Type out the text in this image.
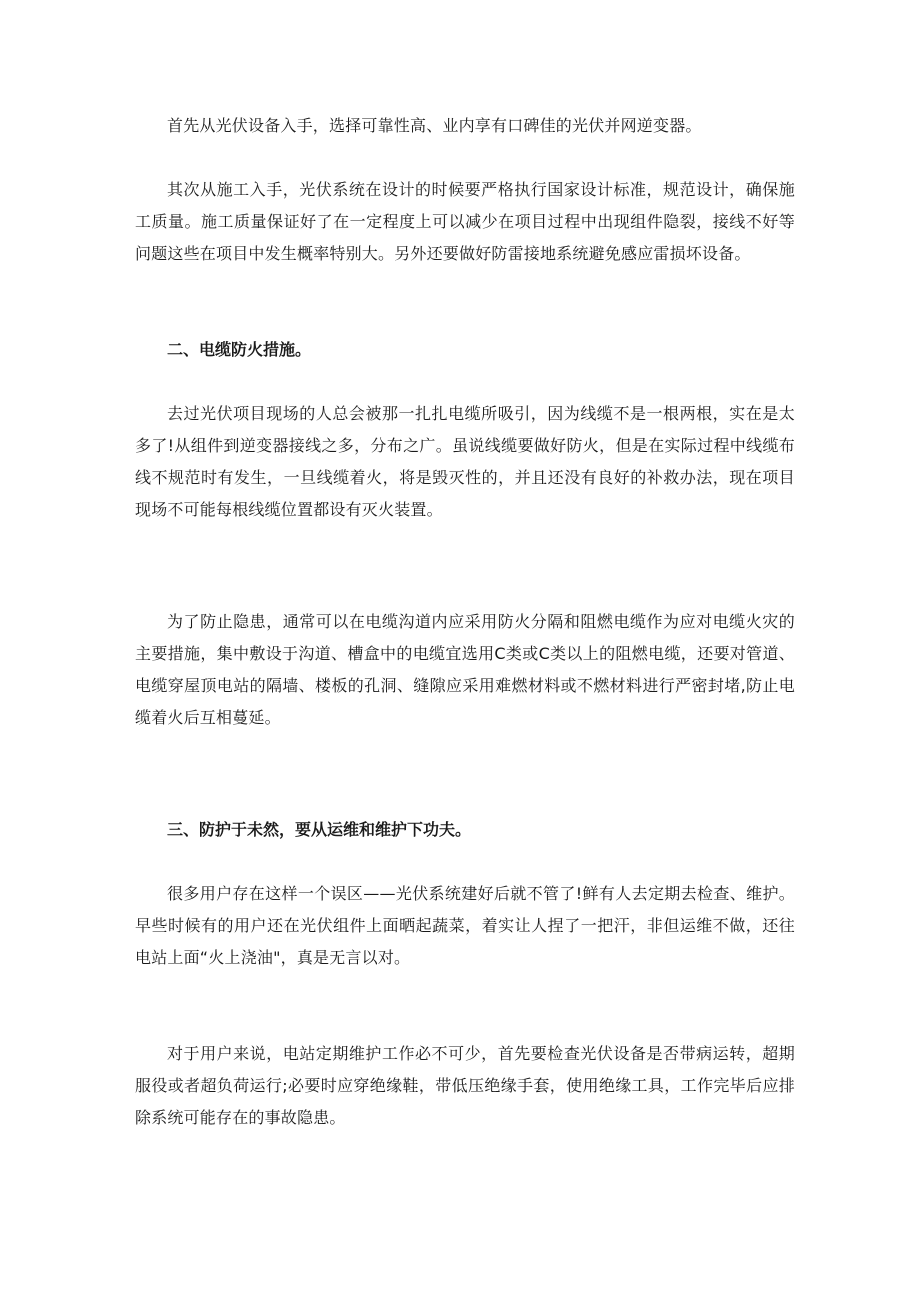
首先从光伏设备入手，选择可靠性高、业内享有口碑佳的光伏并网逆变器。

其次从施工入手，光伏系统在设计的时候要严格执行国家设计标准，规范设计，确保施工质量。施工质量保证好了在一定程度上可以减少在项目过程中出现组件隐裂，接线不好等问题这些在项目中发生概率特别大。另外还要做好防雷接地系统避免感应雷损坏设备。

二、电缆防火措施。

去过光伏项目现场的人总会被那一扎扎电缆所吸引，因为线缆不是一根两根，实在是太多了!从组件到逆变器接线之多，分布之广。虽说线缆要做好防火，但是在实际过程中线缆布线不规范时有发生，一旦线缆着火，将是毁灭性的，并且还没有良好的补救办法，现在项目现场不可能每根线缆位置都设有灭火装置。

为了防止隐患，通常可以在电缆沟道内应采用防火分隔和阻燃电缆作为应对电缆火灾的主要措施，集中敷设于沟道、槽盒中的电缆宜选用C类或C类以上的阻燃电缆，还要对管道、电缆穿屋顶电站的隔墙、楼板的孔洞、缝隙应采用难燃材料或不燃材料进行严密封堵,防止电缆着火后互相蔓延。

三、防护于未然，要从运维和维护下功夫。

很多用户存在这样一个误区——光伏系统建好后就不管了!鲜有人去定期去检查、维护。早些时候有的用户还在光伏组件上面晒起蔬菜，着实让人捏了一把汗，非但运维不做，还往电站上面“火上浇油"，真是无言以对。

对于用户来说，电站定期维护工作必不可少，首先要检查光伏设备是否带病运转，超期服役或者超负荷运行;必要时应穿绝缘鞋，带低压绝缘手套，使用绝缘工具，工作完毕后应排除系统可能存在的事故隐患。
